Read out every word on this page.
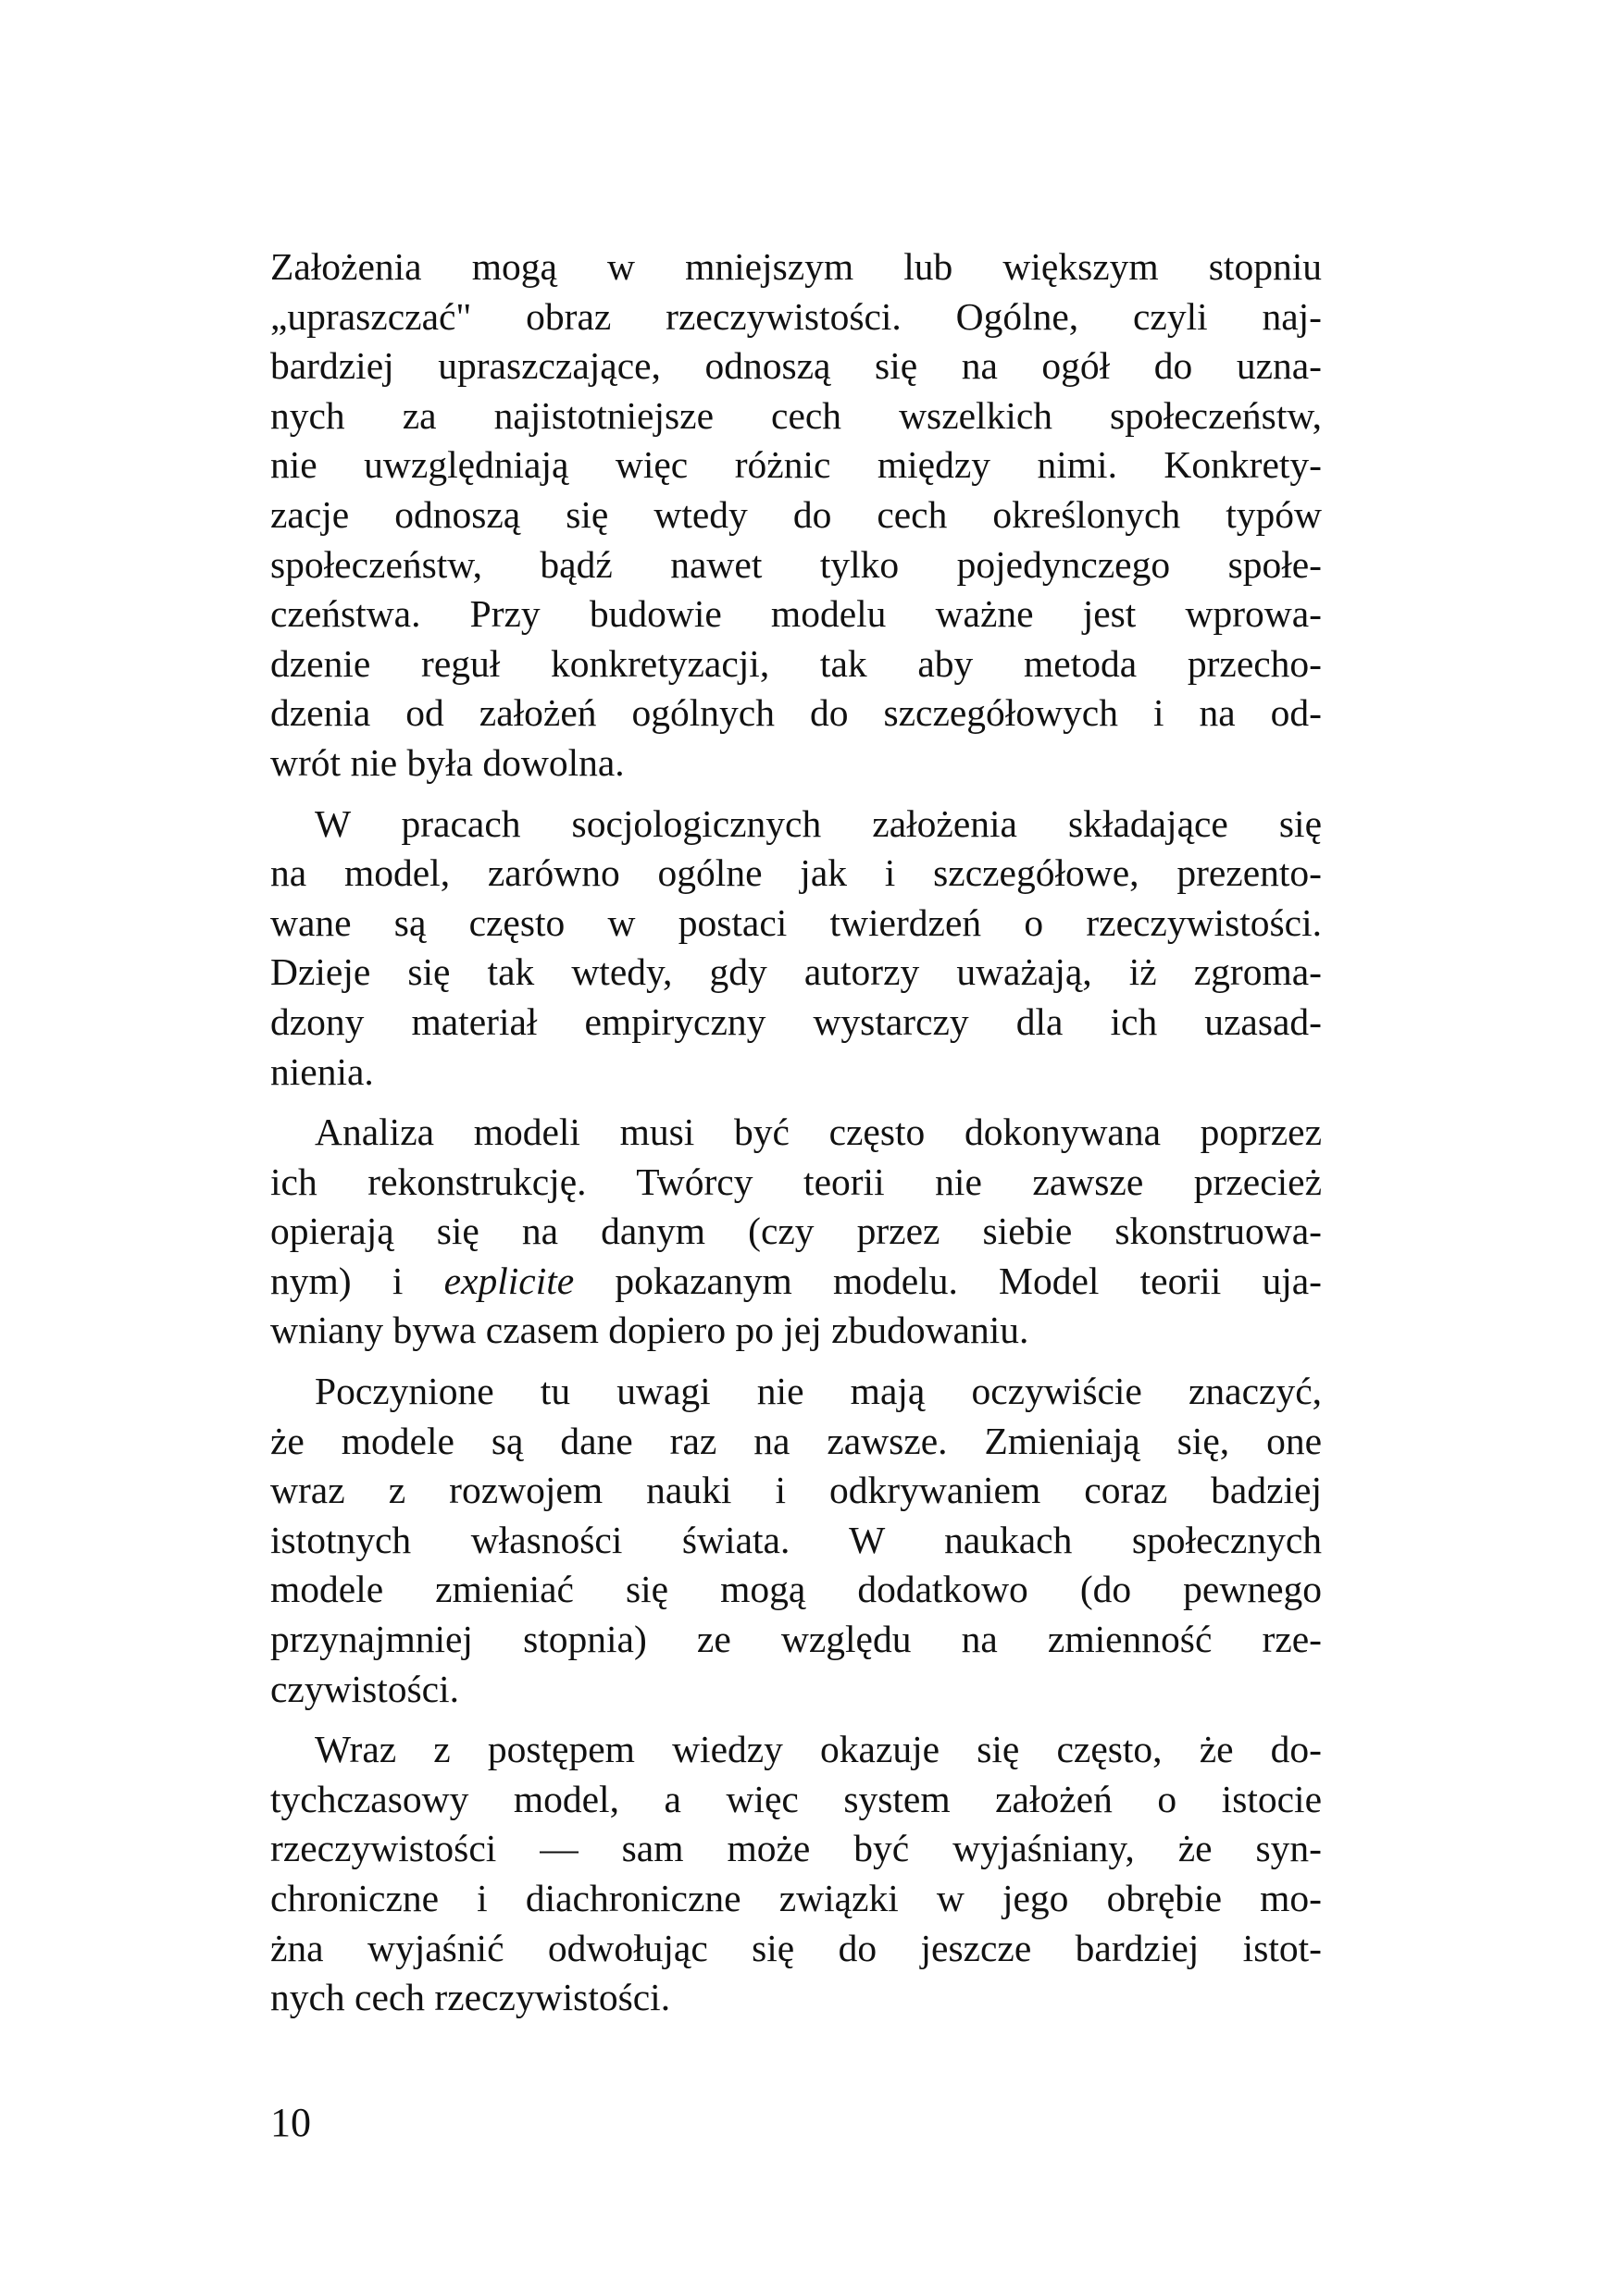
Założenia mogą w mniejszym lub większym stopniu
„upraszczać" obraz rzeczywistości. Ogólne, czyli naj-
bardziej upraszczające, odnoszą się na ogół do uzna-
nych za najistotniejsze cech wszelkich społeczeństw,
nie uwzględniają więc różnic między nimi. Konkrety-
zacje odnoszą się wtedy do cech określonych typów
społeczeństw, bądź nawet tylko pojedynczego społe-
czeństwa. Przy budowie modelu ważne jest wprowa-
dzenie reguł konkretyzacji, tak aby metoda przecho-
dzenia od założeń ogólnych do szczegółowych i na od-
wrót nie była dowolna.
W pracach socjologicznych założenia składające się
na model, zarówno ogólne jak i szczegółowe, prezento-
wane są często w postaci twierdzeń o rzeczywistości.
Dzieje się tak wtedy, gdy autorzy uważają, iż zgroma-
dzony materiał empiryczny wystarczy dla ich uzasad-
nienia.
Analiza modeli musi być często dokonywana poprzez
ich rekonstrukcję. Twórcy teorii nie zawsze przecież
opierają się na danym (czy przez siebie skonstruowa-
nym) i explicite pokazanym modelu. Model teorii uja-
wniany bywa czasem dopiero po jej zbudowaniu.
Poczynione tu uwagi nie mają oczywiście znaczyć,
że modele są dane raz na zawsze. Zmieniają się, one
wraz z rozwojem nauki i odkrywaniem coraz badziej
istotnych własności świata. W naukach społecznych
modele zmieniać się mogą dodatkowo (do pewnego
przynajmniej stopnia) ze względu na zmienność rze-
czywistości.
Wraz z postępem wiedzy okazuje się często, że do-
tychczasowy model, a więc system założeń o istocie
rzeczywistości — sam może być wyjaśniany, że syn-
chroniczne i diachroniczne związki w jego obrębie mo-
żna wyjaśnić odwołując się do jeszcze bardziej istot-
nych cech rzeczywistości.
10
